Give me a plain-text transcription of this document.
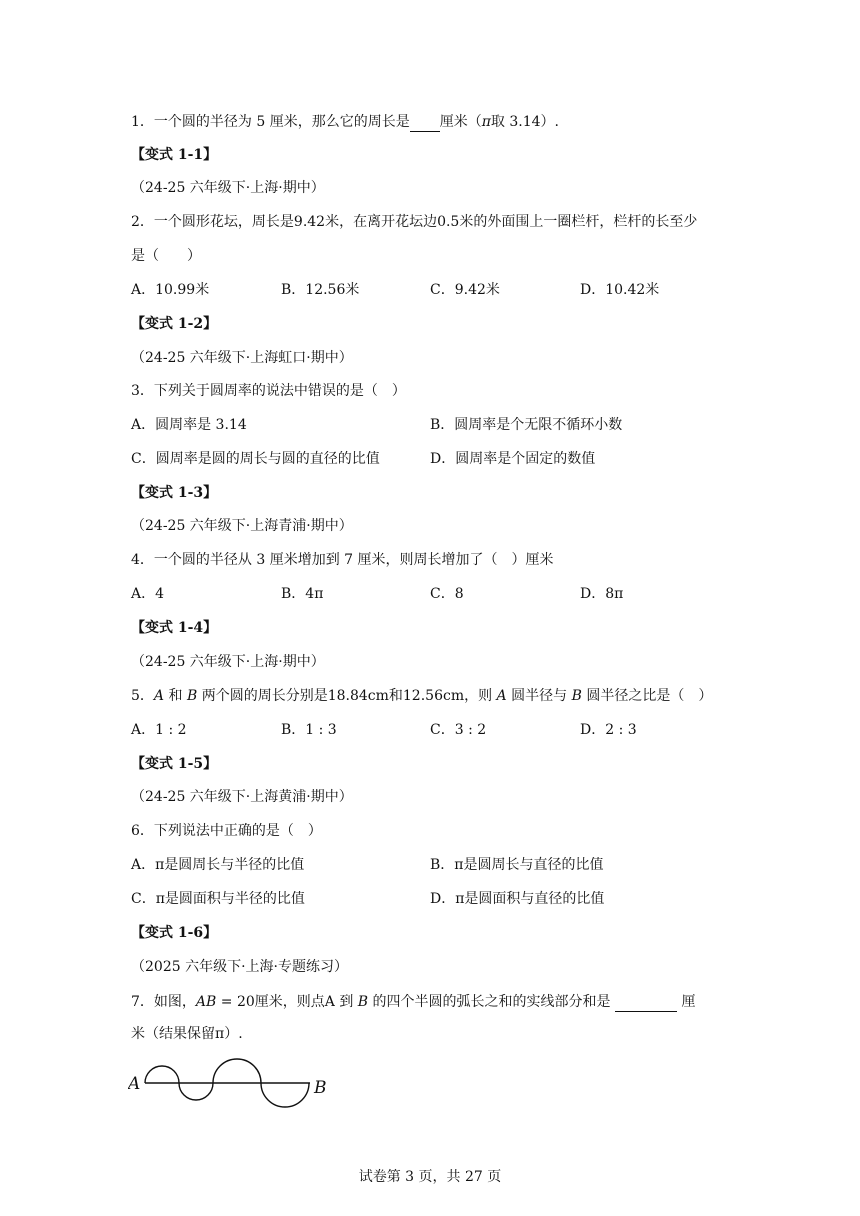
1．一个圆的半径为 5 厘米，那么它的周长是 厘米（π取 3.14）.
【变式 1-1】
（24-25 六年级下·上海·期中）
2．一个圆形花坛，周长是9.42米，在离开花坛边0.5米的外面围上一圈栏杆，栏杆的长至少
是（　　）
A．10.99米	B．12.56米	C．9.42米	D．10.42米
【变式 1-2】
（24-25 六年级下·上海虹口·期中）
3．下列关于圆周率的说法中错误的是（　）
A．圆周率是 3.14	B．圆周率是个无限不循环小数
C．圆周率是圆的周长与圆的直径的比值	D．圆周率是个固定的数值
【变式 1-3】
（24-25 六年级下·上海青浦·期中）
4．一个圆的半径从 3 厘米增加到 7 厘米，则周长增加了（　）厘米
A．4	B．4π	C．8	D．8π
【变式 1-4】
（24-25 六年级下·上海·期中）
5．A 和 B 两个圆的周长分别是18.84cm和12.56cm，则 A 圆半径与 B 圆半径之比是（　）
A．1 : 2	B．1 : 3	C．3 : 2	D．2 : 3
【变式 1-5】
（24-25 六年级下·上海黄浦·期中）
6．下列说法中正确的是（　）
A．π是圆周长与半径的比值	B．π是圆周长与直径的比值
C．π是圆面积与半径的比值	D．π是圆面积与直径的比值
【变式 1-6】
（2025 六年级下·上海·专题练习）
7．如图，AB = 20厘米，则点A 到 B 的四个半圆的弧长之和的实线部分和是	厘
米（结果保留π）.
A	B
试卷第 3 页，共 27 页
